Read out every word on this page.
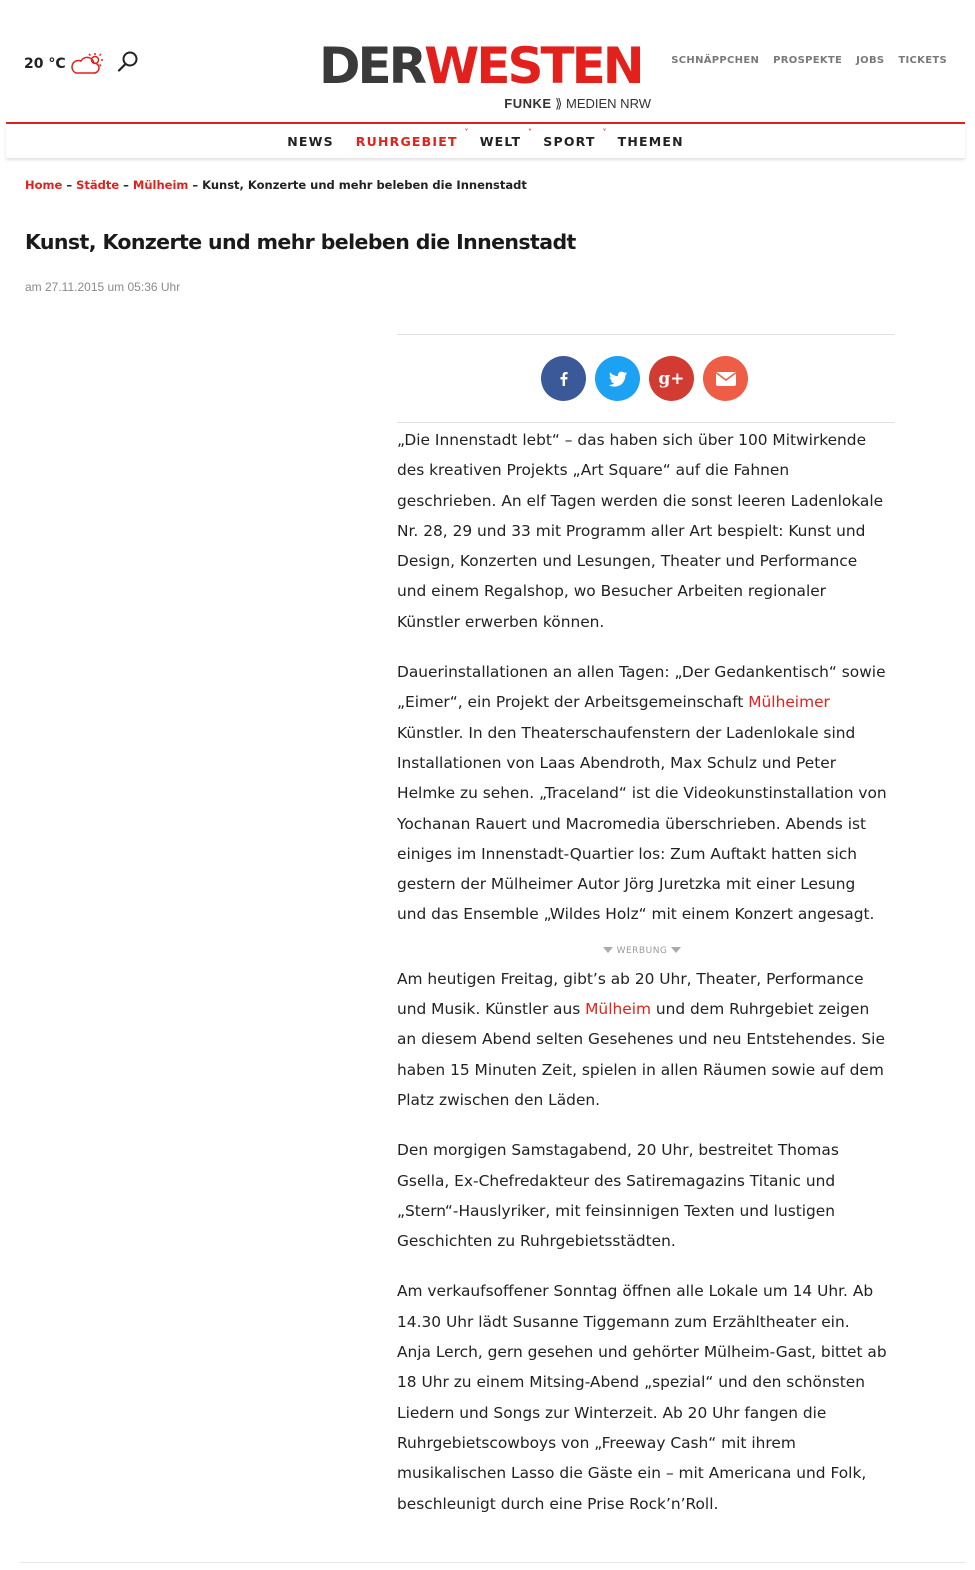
20 °C	DERWESTEN
FUNKE ⟫ MEDIEN NRW
SCHNÄPPCHEN PROSPEKTE JOBS TICKETS
NEWS	RUHRGEBIET
˅
WELT
˅
SPORT
˅
THEMEN
Home – Städte – Mülheim – Kunst, Konzerte und mehr beleben die Innenstadt
Kunst, Konzerte und mehr beleben die Innenstadt
am 27.11.2015 um 05:36 Uhr
g+

„Die Innenstadt lebt“ – das haben sich über 100 Mitwirkende des kreativen Projekts „Art Square“ auf die Fahnen geschrieben. An elf Tagen werden die sonst leeren Ladenlokale Nr. 28, 29 und 33 mit Programm aller Art bespielt: Kunst und Design, Konzerten und Lesungen, Theater und Performance und einem Regalshop, wo Besucher Arbeiten regionaler Künstler erwerben können.

Dauerinstallationen an allen Tagen: „Der Gedankentisch“ sowie „Eimer“, ein Projekt der Arbeitsgemeinschaft Mülheimer Künstler. In den Theaterschaufenstern der Ladenlokale sind Installationen von Laas Abendroth, Max Schulz und Peter Helmke zu sehen. „Traceland“ ist die Videokunstinstallation von Yochanan Rauert und Macromedia überschrieben. Abends ist einiges im Innenstadt-Quartier los: Zum Auftakt hatten sich gestern der Mülheimer Autor Jörg Juretzka mit einer Lesung und das Ensemble „Wildes Holz“ mit einem Konzert angesagt.

WERBUNG

Am heutigen Freitag, gibt’s ab 20 Uhr, Theater, Performance und Musik. Künstler aus Mülheim und dem Ruhrgebiet zeigen an diesem Abend selten Gesehenes und neu Entstehendes. Sie haben 15 Minuten Zeit, spielen in allen Räumen sowie auf dem Platz zwischen den Läden.

Den morgigen Samstagabend, 20 Uhr, bestreitet Thomas Gsella, Ex-Chefredakteur des Satiremagazins Titanic und „Stern“-Hauslyriker, mit feinsinnigen Texten und lustigen Geschichten zu Ruhrgebietsstädten.

Am verkaufsoffener Sonntag öffnen alle Lokale um 14 Uhr. Ab 14.30 Uhr lädt Susanne Tiggemann zum Erzähltheater ein. Anja Lerch, gern gesehen und gehörter Mülheim-Gast, bittet ab 18 Uhr zu einem Mitsing-Abend „spezial“ und den schönsten Liedern und Songs zur Winterzeit. Ab 20 Uhr fangen die Ruhrgebietscowboys von „Freeway Cash“ mit ihrem musikalischen Lasso die Gäste ein – mit Americana und Folk, beschleunigt durch eine Prise Rock’n’Roll.
